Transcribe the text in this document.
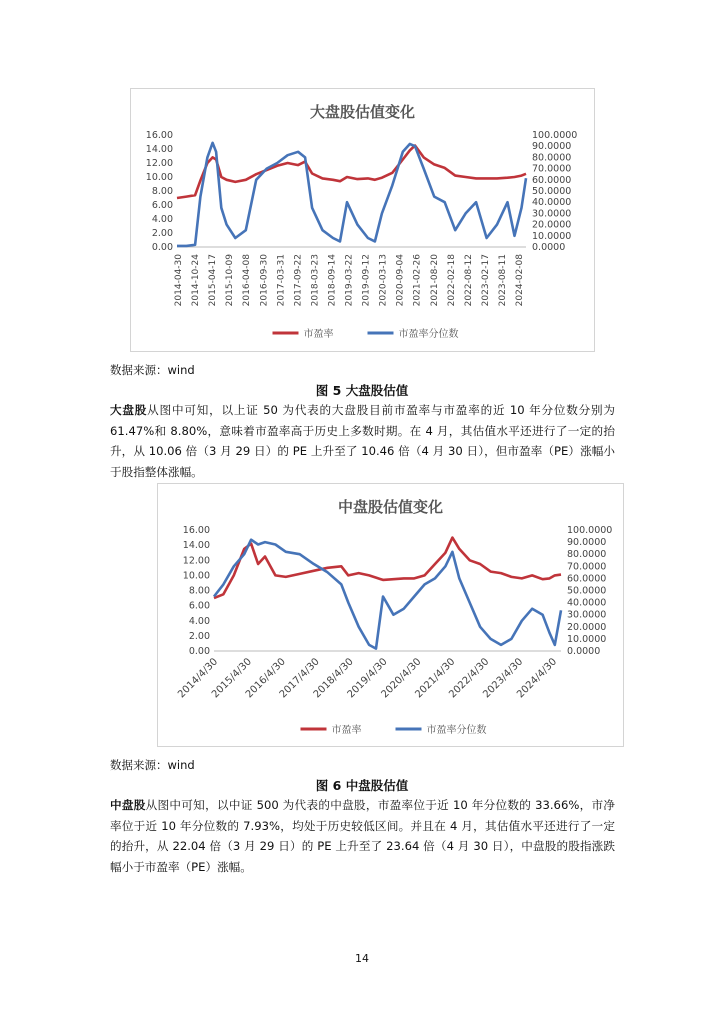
大盘股估值变化
16.00
14.00
12.00
10.00
8.00
6.00
4.00
2.00
0.00
100.0000
90.0000
80.0000
70.0000
60.0000
50.0000
40.0000
30.0000
20.0000
10.0000
0.0000
2014-04-30 2014-10-24 2015-04-17 2015-10-09 2016-04-08 2016-09-30 2017-03-31 2017-09-22 2018-03-23 2018-09-14 2019-03-22 2019-09-12 2020-03-13 2020-09-04 2021-02-26 2021-08-20 2022-02-18 2022-08-12 2023-02-17 2023-08-11 2024-02-08
市盈率	市盈率分位数
数据来源：wind
图 5 大盘股估值
大盘股从图中可知，以上证 50 为代表的大盘股目前市盈率与市盈率的近 10 年分位数分别为 61.47%和 8.80%，意味着市盈率高于历史上多数时期。在 4 月，其估值水平还进行了一定的抬升，从 10.06 倍（3 月 29 日）的 PE 上升至了 10.46 倍（4 月 30 日），但市盈率（PE）涨幅小于股指整体涨幅。
中盘股估值变化
16.00
14.00
12.00
10.00
8.00
6.00
4.00
2.00
0.00
100.0000
90.0000
80.0000
70.0000
60.0000
50.0000
40.0000
30.0000
20.0000
10.0000
0.0000
2014/4/30
2015/4/30
2016/4/30
2017/4/30
2018/4/30
2019/4/30
2020/4/30
2021/4/30
2022/4/30
2023/4/30
2024/4/30
市盈率	市盈率分位数
数据来源：wind
图 6 中盘股估值
中盘股从图中可知，以中证 500 为代表的中盘股，市盈率位于近 10 年分位数的 33.66%，市净率位于近 10 年分位数的 7.93%，均处于历史较低区间。并且在 4 月，其估值水平还进行了一定的抬升，从 22.04 倍（3 月 29 日）的 PE 上升至了 23.64 倍（4 月 30 日），中盘股的股指涨跌幅小于市盈率（PE）涨幅。
14
